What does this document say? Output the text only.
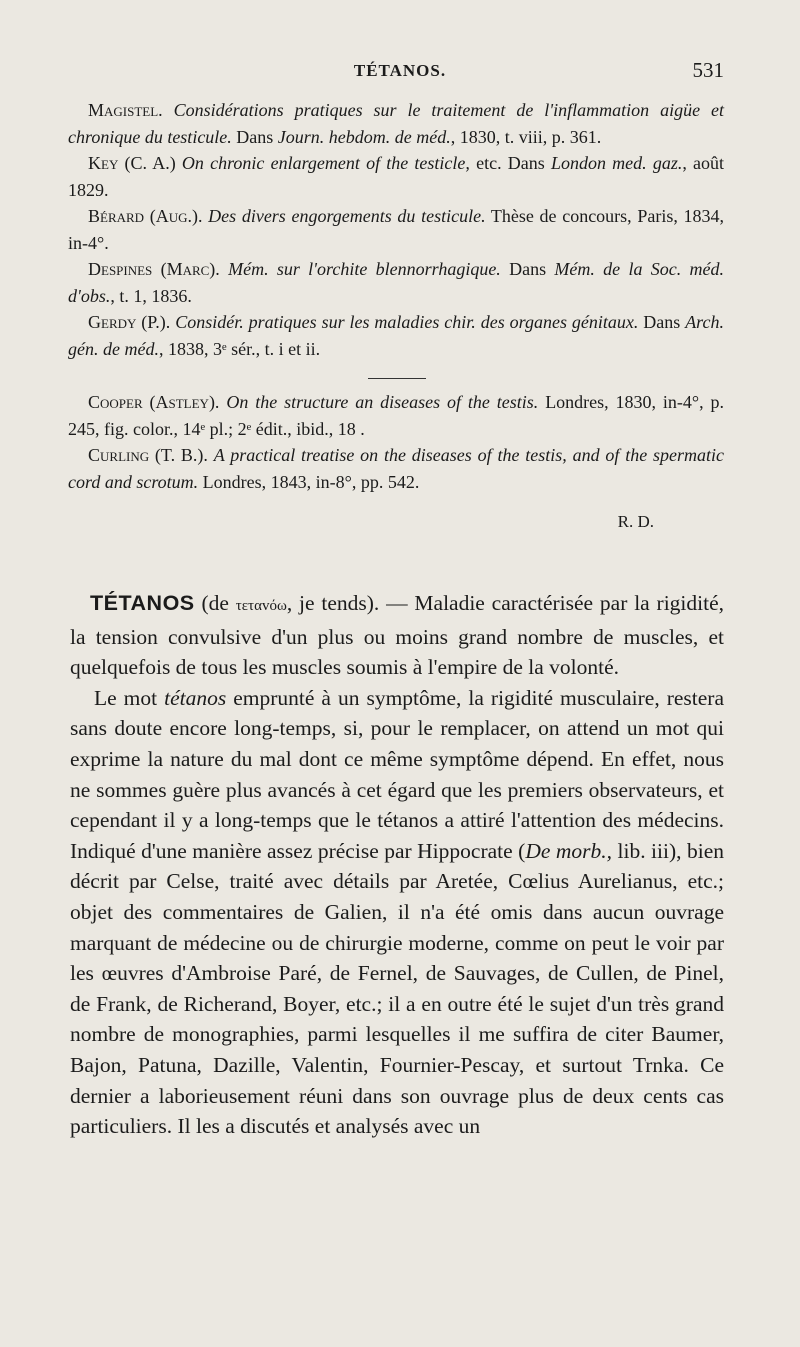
TÉTANOS.	531
Magistel. Considérations pratiques sur le traitement de l'inflammation aigüe et chronique du testicule. Dans Journ. hebdom. de méd., 1830, t. viii, p. 361.
Key (C. A.) On chronic enlargement of the testicle, etc. Dans London med. gaz., août 1829.
Bérard (Aug.). Des divers engorgements du testicule. Thèse de concours, Paris, 1834, in-4°.
Despines (Marc). Mém. sur l'orchite blennorrhagique. Dans Mém. de la Soc. méd. d'obs., t. 1, 1836.
Gerdy (P.). Considér. pratiques sur les maladies chir. des organes génitaux. Dans Arch. gén. de méd., 1838, 3ᵉ sér., t. i et ii.
Cooper (Astley). On the structure an diseases of the testis. Londres, 1830, in-4°, p. 245, fig. color., 14ᵉ pl.; 2ᵉ édit., ibid., 18 .
Curling (T. B.). A practical treatise on the diseases of the testis, and of the spermatic cord and scrotum. Londres, 1843, in-8°, pp. 542.
R. D.

TÉTANOS (de τεταvόω, je tends). — Maladie caractérisée par la rigidité, la tension convulsive d'un plus ou moins grand nombre de muscles, et quelquefois de tous les muscles soumis à l'empire de la volonté.

Le mot tétanos emprunté à un symptôme, la rigidité musculaire, restera sans doute encore long-temps, si, pour le remplacer, on attend un mot qui exprime la nature du mal dont ce même symptôme dépend. En effet, nous ne sommes guère plus avancés à cet égard que les premiers observateurs, et cependant il y a long-temps que le tétanos a attiré l'attention des médecins. Indiqué d'une manière assez précise par Hippocrate (De morb., lib. iii), bien décrit par Celse, traité avec détails par Aretée, Cœlius Aurelianus, etc.; objet des commentaires de Galien, il n'a été omis dans aucun ouvrage marquant de médecine ou de chirurgie moderne, comme on peut le voir par les œuvres d'Ambroise Paré, de Fernel, de Sauvages, de Cullen, de Pinel, de Frank, de Richerand, Boyer, etc.; il a en outre été le sujet d'un très grand nombre de monographies, parmi lesquelles il me suffira de citer Baumer, Bajon, Patuna, Dazille, Valentin, Fournier-Pescay, et surtout Trnka. Ce dernier a laborieusement réuni dans son ouvrage plus de deux cents cas particuliers. Il les a discutés et analysés avec un
